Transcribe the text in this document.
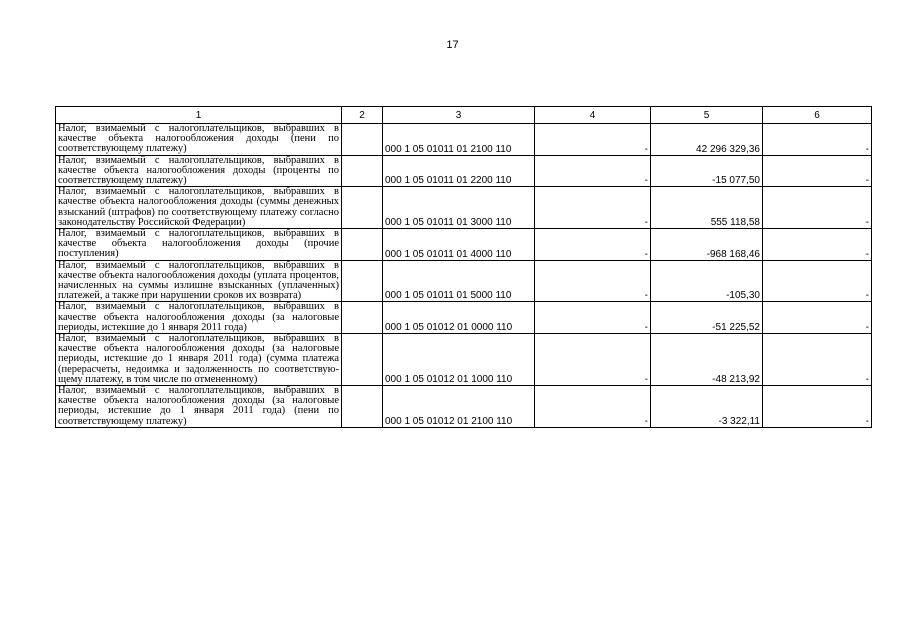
17
1	2	3	4	5	6
Налог, взимаемый с налогоплательщиков, выбравших в качестве объекта налогообложения доходы (пени по соответствующему платежу)		000 1 05 01011 01 2100 110	-	42 296 329,36	-
Налог, взимаемый с налогоплательщиков, выбравших в качестве объекта налогообложения доходы (проценты по соответствующему платежу)		000 1 05 01011 01 2200 110	-	-15 077,50	-
Налог, взимаемый с налогоплательщиков, выбравших в качестве объекта налогообложения доходы (суммы денежных взысканий (штрафов) по соответствующему платежу согласно законодательству Российской Федерации)		000 1 05 01011 01 3000 110	-	555 118,58	-
Налог, взимаемый с налогоплательщиков, выбравших в качестве объекта налогообложения доходы (прочие поступления)		000 1 05 01011 01 4000 110	-	-968 168,46	-
Налог, взимаемый с налогоплательщиков, выбравших в качестве объекта налогообложения доходы (уплата процентов, начисленных на суммы излишне взысканных (уплаченных) платежей, а также при нарушении сроков их возврата)		000 1 05 01011 01 5000 110	-	-105,30	-
Налог, взимаемый с налогоплательщиков, выбравших в качестве объекта налогообложения доходы (за налоговые периоды, истекшие до 1 января 2011 года)		000 1 05 01012 01 0000 110	-	-51 225,52	-
Налог, взимаемый с налогоплательщиков, выбравших в качестве объекта налогообложения доходы (за налоговые периоды, истекшие до 1 января 2011 года) (сумма платежа (перерасчеты, недоимка и задолженность по соответствующему платежу, в том числе по отмененному)		000 1 05 01012 01 1000 110	-	-48 213,92	-
Налог, взимаемый с налогоплательщиков, выбравших в качестве объекта налогообложения доходы (за налоговые периоды, истекшие до 1 января 2011 года) (пени по соответствующему платежу)		000 1 05 01012 01 2100 110	-	-3 322,11	-
